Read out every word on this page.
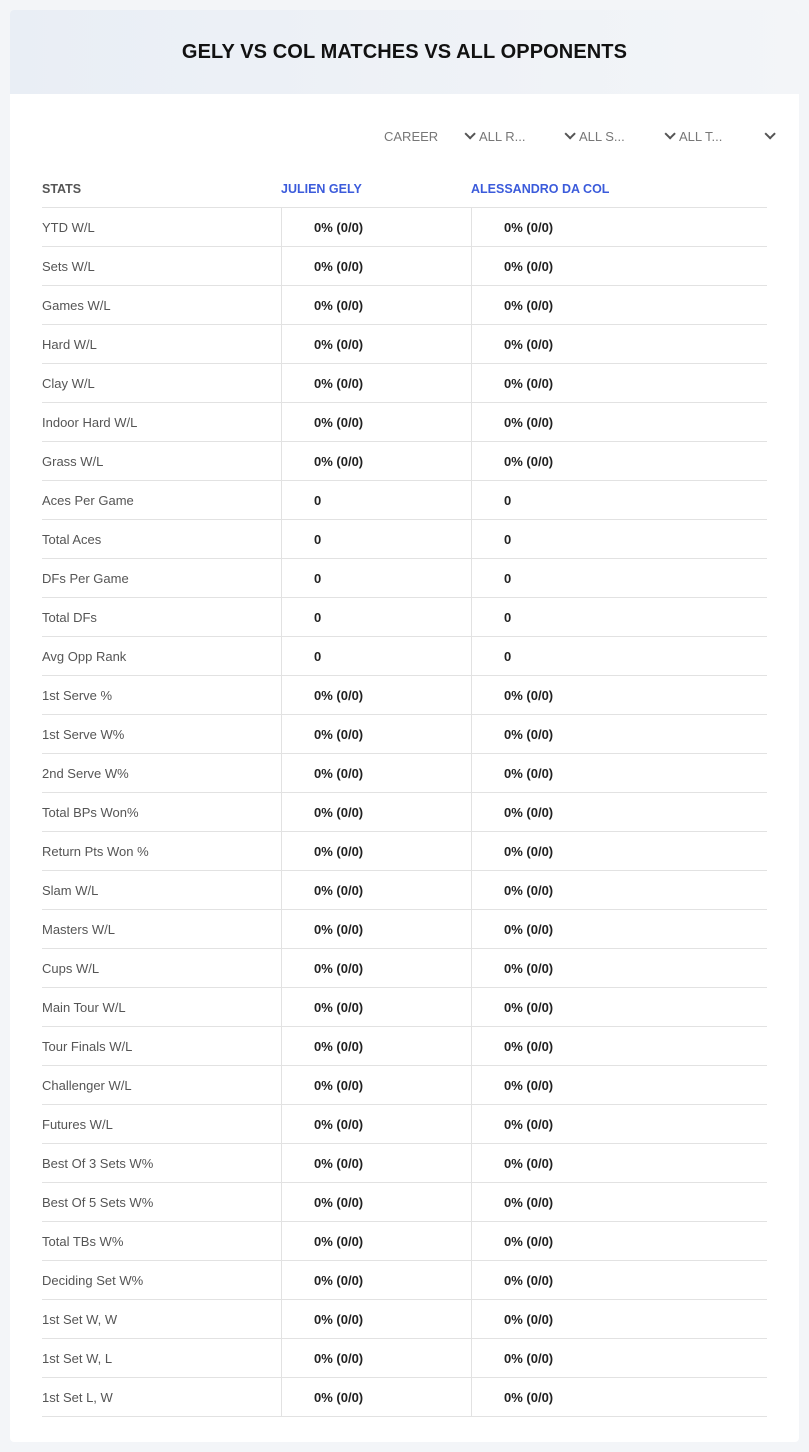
GELY VS COL MATCHES VS ALL OPPONENTS
CAREER	ALL R...	ALL S...	ALL T...
STATS	JULIEN GELY	ALESSANDRO DA COL
YTD W/L	0% (0/0)	0% (0/0)
Sets W/L	0% (0/0)	0% (0/0)
Games W/L	0% (0/0)	0% (0/0)
Hard W/L	0% (0/0)	0% (0/0)
Clay W/L	0% (0/0)	0% (0/0)
Indoor Hard W/L	0% (0/0)	0% (0/0)
Grass W/L	0% (0/0)	0% (0/0)
Aces Per Game	0	0
Total Aces	0	0
DFs Per Game	0	0
Total DFs	0	0
Avg Opp Rank	0	0
1st Serve %	0% (0/0)	0% (0/0)
1st Serve W%	0% (0/0)	0% (0/0)
2nd Serve W%	0% (0/0)	0% (0/0)
Total BPs Won%	0% (0/0)	0% (0/0)
Return Pts Won %	0% (0/0)	0% (0/0)
Slam W/L	0% (0/0)	0% (0/0)
Masters W/L	0% (0/0)	0% (0/0)
Cups W/L	0% (0/0)	0% (0/0)
Main Tour W/L	0% (0/0)	0% (0/0)
Tour Finals W/L	0% (0/0)	0% (0/0)
Challenger W/L	0% (0/0)	0% (0/0)
Futures W/L	0% (0/0)	0% (0/0)
Best Of 3 Sets W%	0% (0/0)	0% (0/0)
Best Of 5 Sets W%	0% (0/0)	0% (0/0)
Total TBs W%	0% (0/0)	0% (0/0)
Deciding Set W%	0% (0/0)	0% (0/0)
1st Set W, W	0% (0/0)	0% (0/0)
1st Set W, L	0% (0/0)	0% (0/0)
1st Set L, W	0% (0/0)	0% (0/0)
